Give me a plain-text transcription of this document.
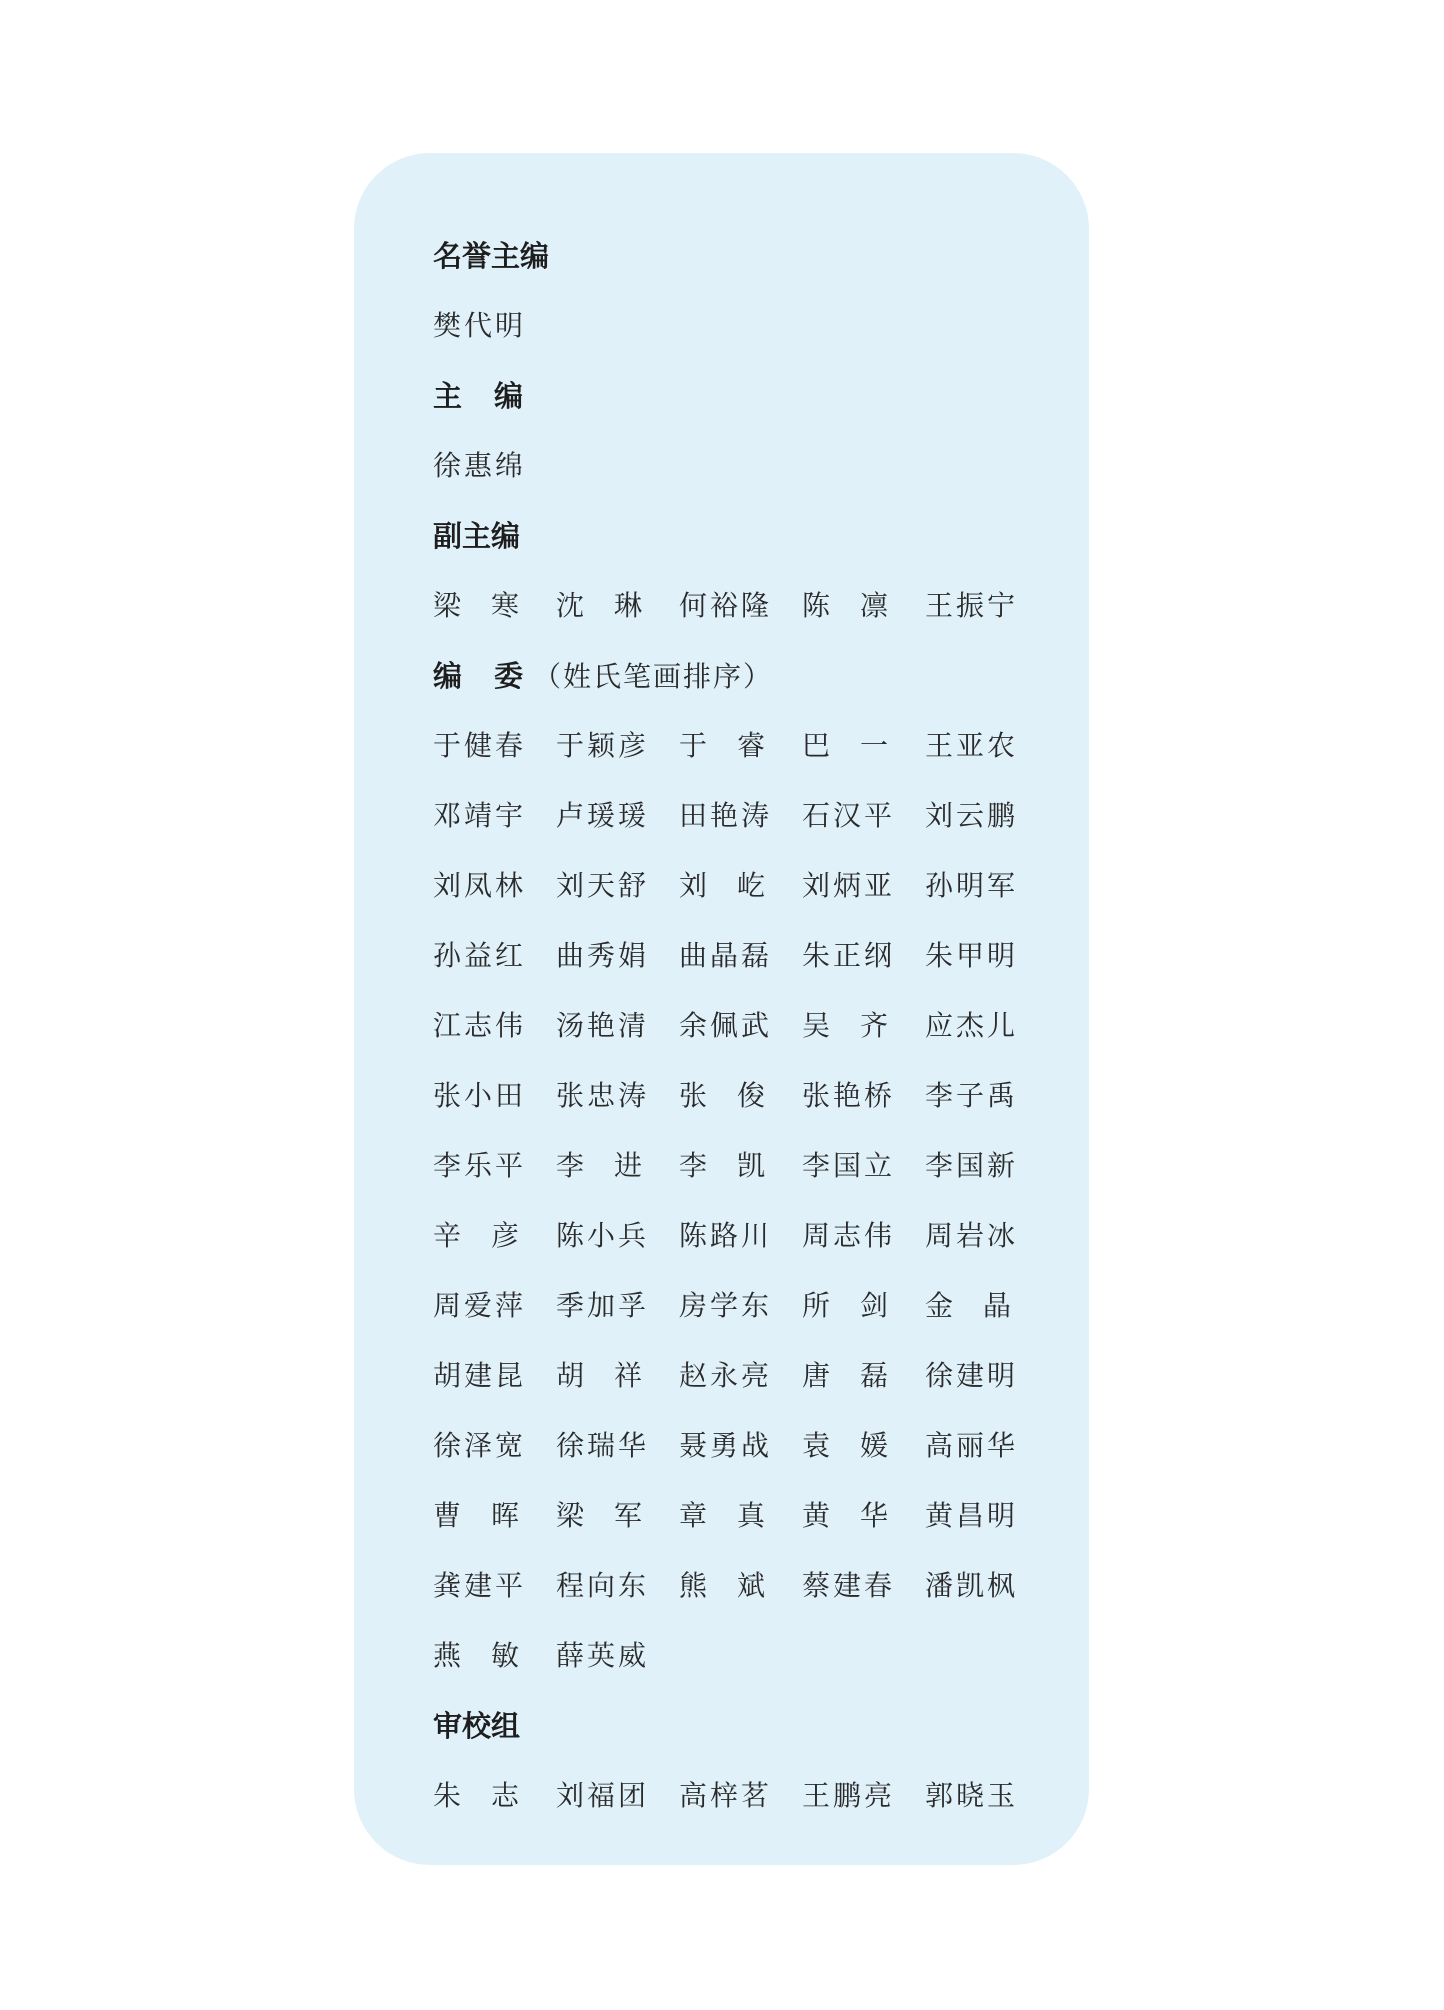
名誉主编
樊代明
主编
徐惠绵
副主编
梁寒 沈琳 何裕隆	陈凛 王振宁
编委（姓氏笔画排序）
于健春	于颖彦	于睿 巴一 王亚农
邓靖宇	卢瑗瑗	田艳涛	石汉平	刘云鹏
刘凤林	刘天舒	刘屹 刘炳亚	孙明军
孙益红	曲秀娟	曲晶磊	朱正纲	朱甲明
江志伟	汤艳清	余佩武	吴齐 应杰儿
张小田	张忠涛	张俊 张艳桥	李子禹
李乐平	李进 李凯 李国立	李国新
辛彦 陈小兵	陈路川	周志伟	周岩冰
周爱萍	季加孚	房学东	所剑 金晶
胡建昆	胡祥 赵永亮	唐磊 徐建明
徐泽宽	徐瑞华	聂勇战	袁媛 高丽华
曹晖 梁军 章真 黄华 黄昌明
龚建平	程向东	熊斌 蔡建春	潘凯枫
燕敏 薛英威
审校组
朱志 刘福团	高梓茗	王鹏亮	郭晓玉
